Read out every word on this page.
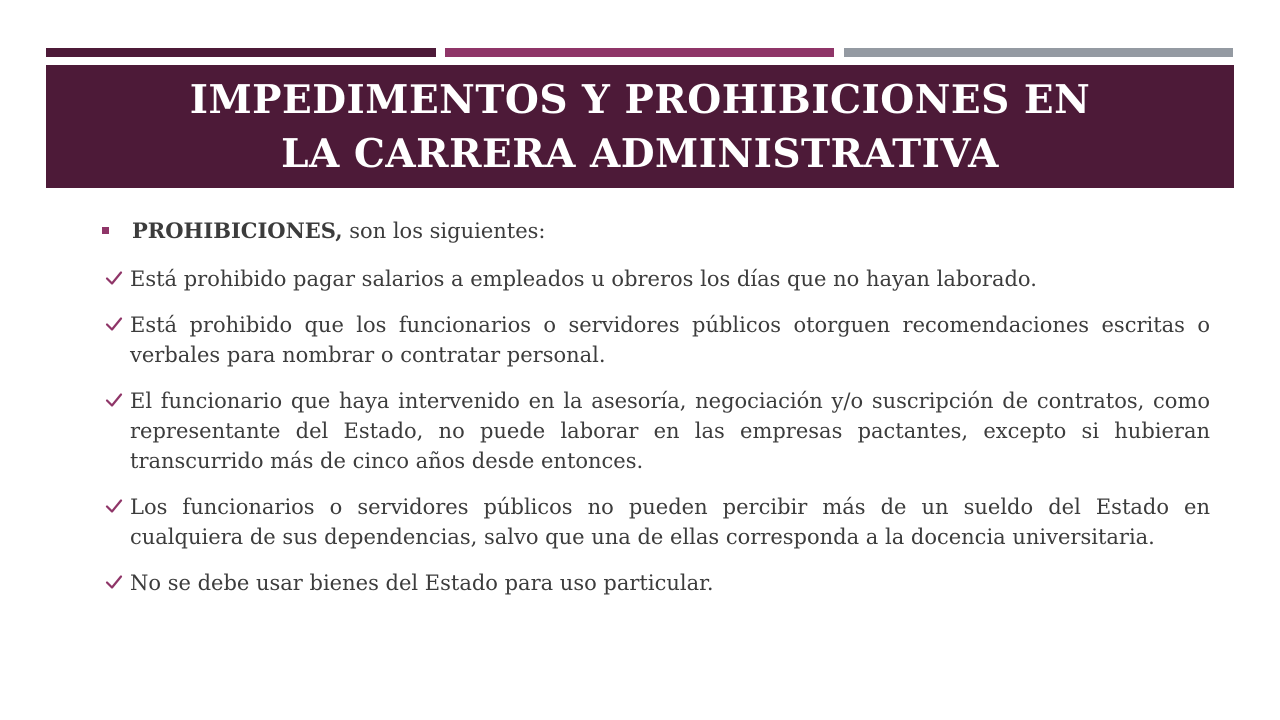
IMPEDIMENTOS Y PROHIBICIONES EN
LA CARRERA ADMINISTRATIVA
PROHIBICIONES, son los siguientes:
Está prohibido pagar salarios a empleados u obreros los días que no hayan laborado.
Está prohibido que los funcionarios o servidores públicos otorguen recomendaciones escritas o verbales para nombrar o contratar personal.
El funcionario que haya intervenido en la asesoría, negociación y/o suscripción de contratos, como representante del Estado, no puede laborar en las empresas pactantes, excepto si hubieran transcurrido más de cinco años desde entonces.
Los funcionarios o servidores públicos no pueden percibir más de un sueldo del Estado en cualquiera de sus dependencias, salvo que una de ellas corresponda a la docencia universitaria.
No se debe usar bienes del Estado para uso particular.
